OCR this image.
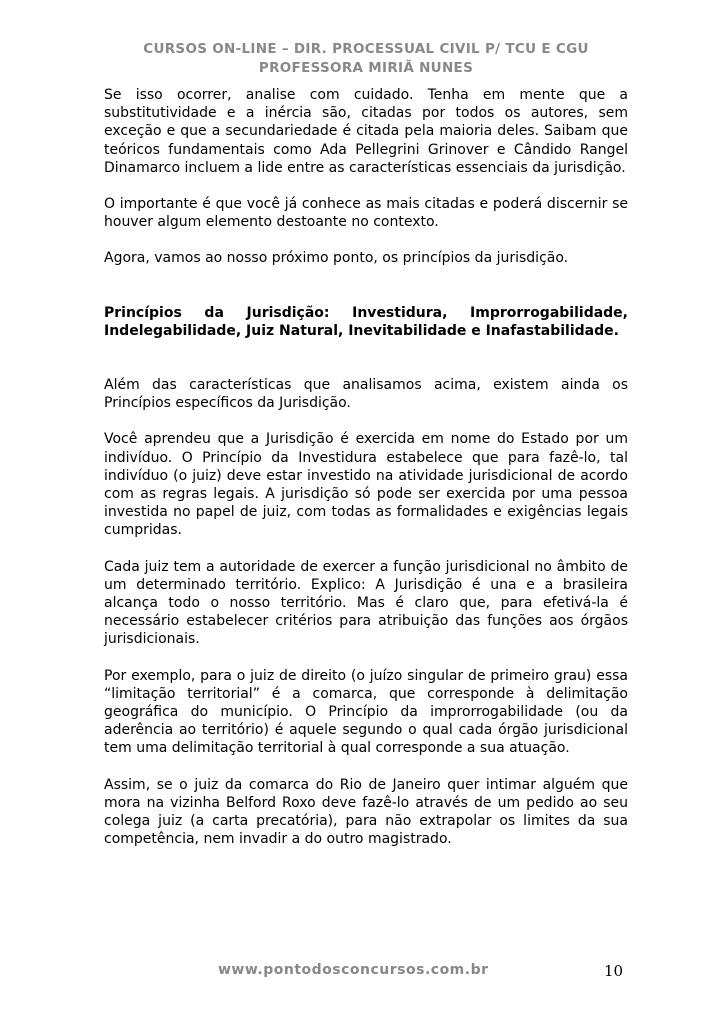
CURSOS ON-LINE – DIR. PROCESSUAL CIVIL P/ TCU E CGU
PROFESSORA MIRIÃ NUNES

Se isso ocorrer, analise com cuidado. Tenha em mente que a substitutividade e a inércia são, citadas por todos os autores, sem exceção e que a secundariedade é citada pela maioria deles. Saibam que teóricos fundamentais como Ada Pellegrini Grinover e Cândido Rangel Dinamarco incluem a lide entre as características essenciais da jurisdição.

O importante é que você já conhece as mais citadas e poderá discernir se houver algum elemento destoante no contexto.

Agora, vamos ao nosso próximo ponto, os princípios da jurisdição.

Princípios da Jurisdição: Investidura, Improrrogabilidade, Indelegabilidade, Juiz Natural, Inevitabilidade e Inafastabilidade.

Além das características que analisamos acima, existem ainda os Princípios específicos da Jurisdição.

Você aprendeu que a Jurisdição é exercida em nome do Estado por um indivíduo. O Princípio da Investidura estabelece que para fazê-lo, tal indivíduo (o juiz) deve estar investido na atividade jurisdicional de acordo com as regras legais. A jurisdição só pode ser exercida por uma pessoa investida no papel de juiz, com todas as formalidades e exigências legais cumpridas.

Cada juiz tem a autoridade de exercer a função jurisdicional no âmbito de um determinado território. Explico: A Jurisdição é una e a brasileira alcança todo o nosso território. Mas é claro que, para efetivá-la é necessário estabelecer critérios para atribuição das funções aos órgãos jurisdicionais.

Por exemplo, para o juiz de direito (o juízo singular de primeiro grau) essa “limitação territorial” é a comarca, que corresponde à delimitação geográfica do município. O Princípio da improrrogabilidade (ou da aderência ao território) é aquele segundo o qual cada órgão jurisdicional tem uma delimitação territorial à qual corresponde a sua atuação.

Assim, se o juiz da comarca do Rio de Janeiro quer intimar alguém que mora na vizinha Belford Roxo deve fazê-lo através de um pedido ao seu colega juiz (a carta precatória), para não extrapolar os limites da sua competência, nem invadir a do outro magistrado.

www.pontodosconcursos.com.br	10
